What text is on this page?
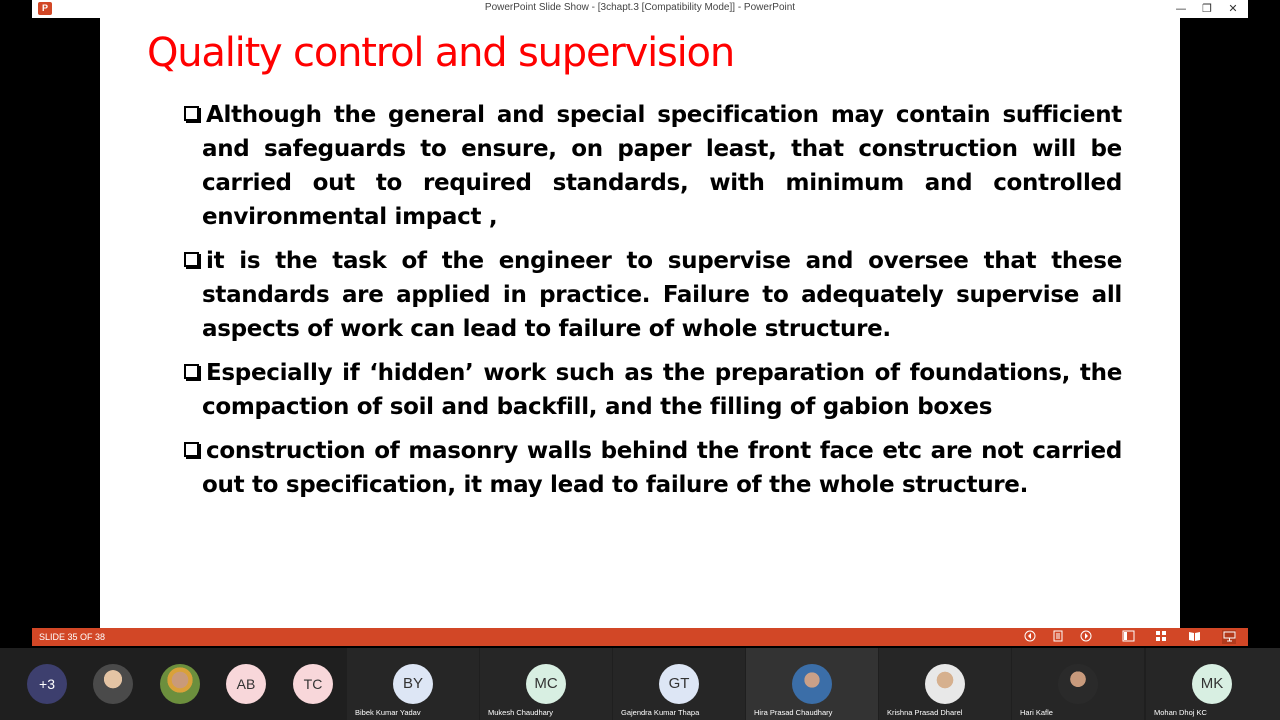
P	PowerPoint Slide Show - [3chapt.3 [Compatibility Mode]] - PowerPoint	—	❐	✕
Quality control and supervision
Although the general and special specification may contain sufficient and safeguards to ensure, on paper least, that construction will be carried out to required standards, with minimum and controlled environmental impact ,
it is the task of the engineer to supervise and oversee that these standards are applied in practice. Failure to adequately supervise all aspects of work can lead to failure of whole structure.
Especially if ‘hidden’ work such as the preparation of foundations, the compaction of soil and backfill, and the filling of gabion boxes
construction of masonry walls behind the front face etc are not carried out to specification, it may lead to failure of the whole structure.
SLIDE 35 OF 38
+3	AB	TC	BY
Bibek Kumar Yadav
MC
Mukesh Chaudhary
GT
Gajendra Kumar Thapa	Hira Prasad Chaudhary	Krishna Prasad Dharel	Hari Kafle
MK
Mohan Dhoj KC
